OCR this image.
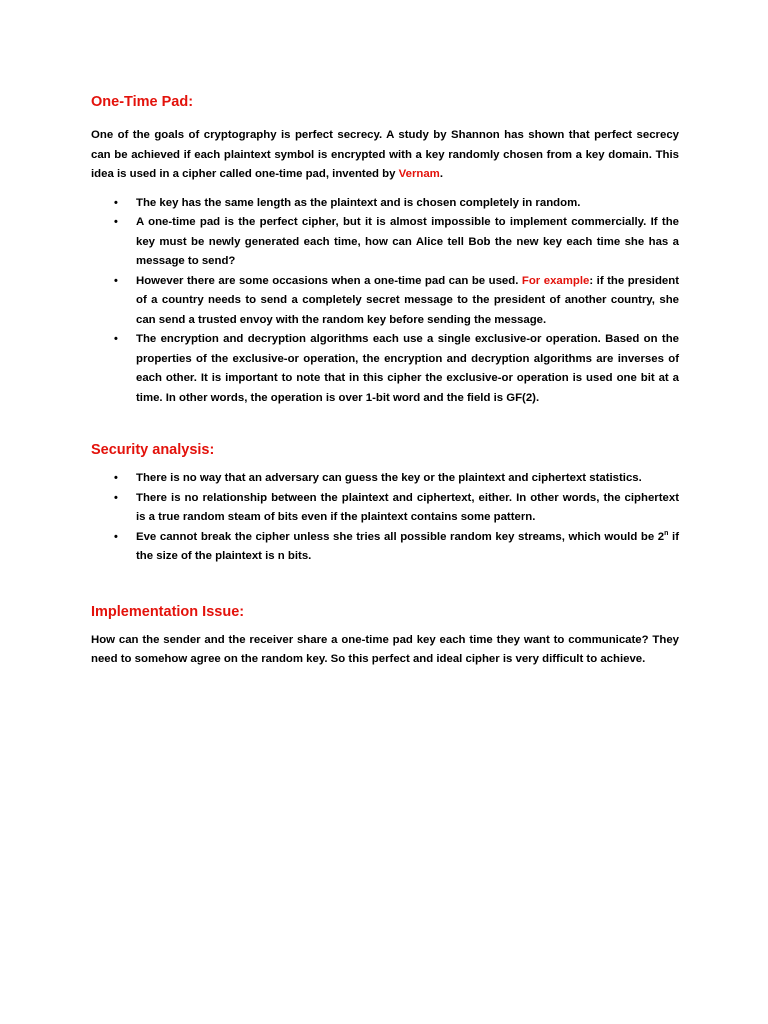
One-Time Pad:

One of the goals of cryptography is perfect secrecy. A study by Shannon has shown that perfect secrecy can be achieved if each plaintext symbol is encrypted with a key randomly chosen from a key domain. This idea is used in a cipher called one-time pad, invented by Vernam.

• The key has the same length as the plaintext and is chosen completely in random.
• A one-time pad is the perfect cipher, but it is almost impossible to implement commercially. If the key must be newly generated each time, how can Alice tell Bob the new key each time she has a message to send?
• However there are some occasions when a one-time pad can be used. For example: if the president of a country needs to send a completely secret message to the president of another country, she can send a trusted envoy with the random key before sending the message.
• The encryption and decryption algorithms each use a single exclusive-or operation. Based on the properties of the exclusive-or operation, the encryption and decryption algorithms are inverses of each other. It is important to note that in this cipher the exclusive-or operation is used one bit at a time. In other words, the operation is over 1-bit word and the field is GF(2).
Security analysis:
• There is no way that an adversary can guess the key or the plaintext and ciphertext statistics.
• There is no relationship between the plaintext and ciphertext, either. In other words, the ciphertext is a true random steam of bits even if the plaintext contains some pattern.
• Eve cannot break the cipher unless she tries all possible random key streams, which would be 2$^n$ if the size of the plaintext is n bits.
Implementation Issue:

How can the sender and the receiver share a one-time pad key each time they want to communicate? They need to somehow agree on the random key. So this perfect and ideal cipher is very difficult to achieve.
